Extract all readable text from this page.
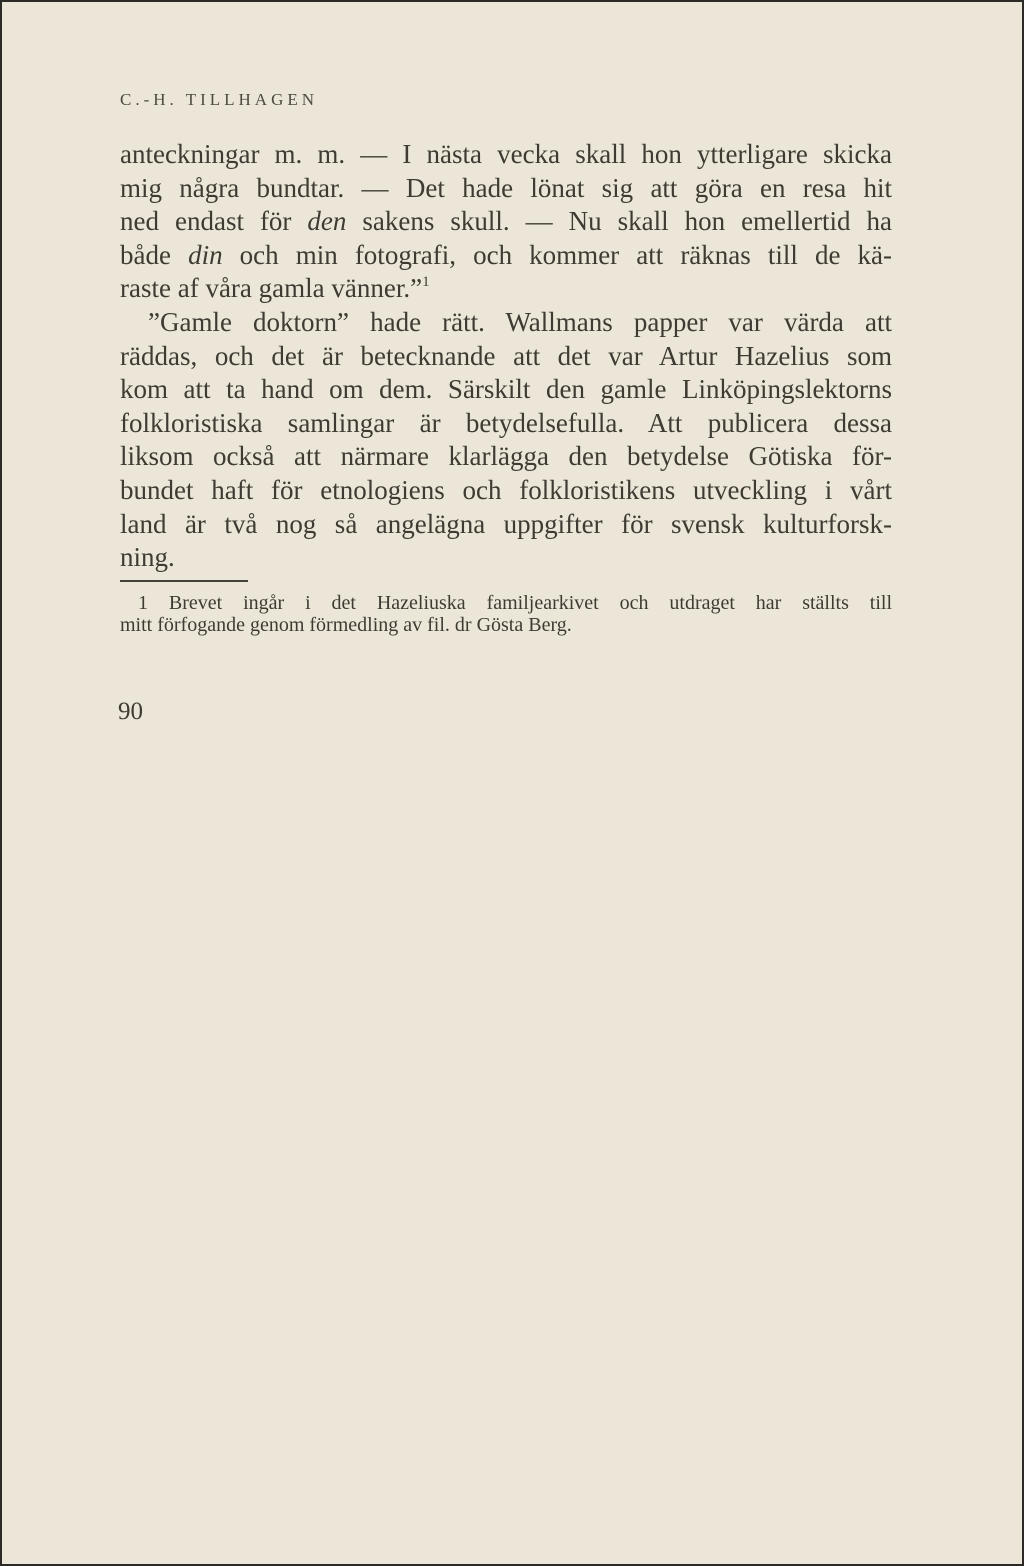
C.-H. TILLHAGEN
anteckningar m. m. — I nästa vecka skall hon ytterligare skicka
mig några bundtar. — Det hade lönat sig att göra en resa hit
ned endast för den sakens skull. — Nu skall hon emellertid ha
både din och min fotografi, och kommer att räknas till de kä-
raste af våra gamla vänner.”$^1$
”Gamle doktorn” hade rätt. Wallmans papper var värda att
räddas, och det är betecknande att det var Artur Hazelius som
kom att ta hand om dem. Särskilt den gamle Linköpingslektorns
folkloristiska samlingar är betydelsefulla. Att publicera dessa
liksom också att närmare klarlägga den betydelse Götiska för-
bundet haft för etnologiens och folkloristikens utveckling i vårt
land är två nog så angelägna uppgifter för svensk kulturforsk-
ning.
1 Brevet ingår i det Hazeliuska familjearkivet och utdraget har ställts till
mitt förfogande genom förmedling av fil. dr Gösta Berg.
90
